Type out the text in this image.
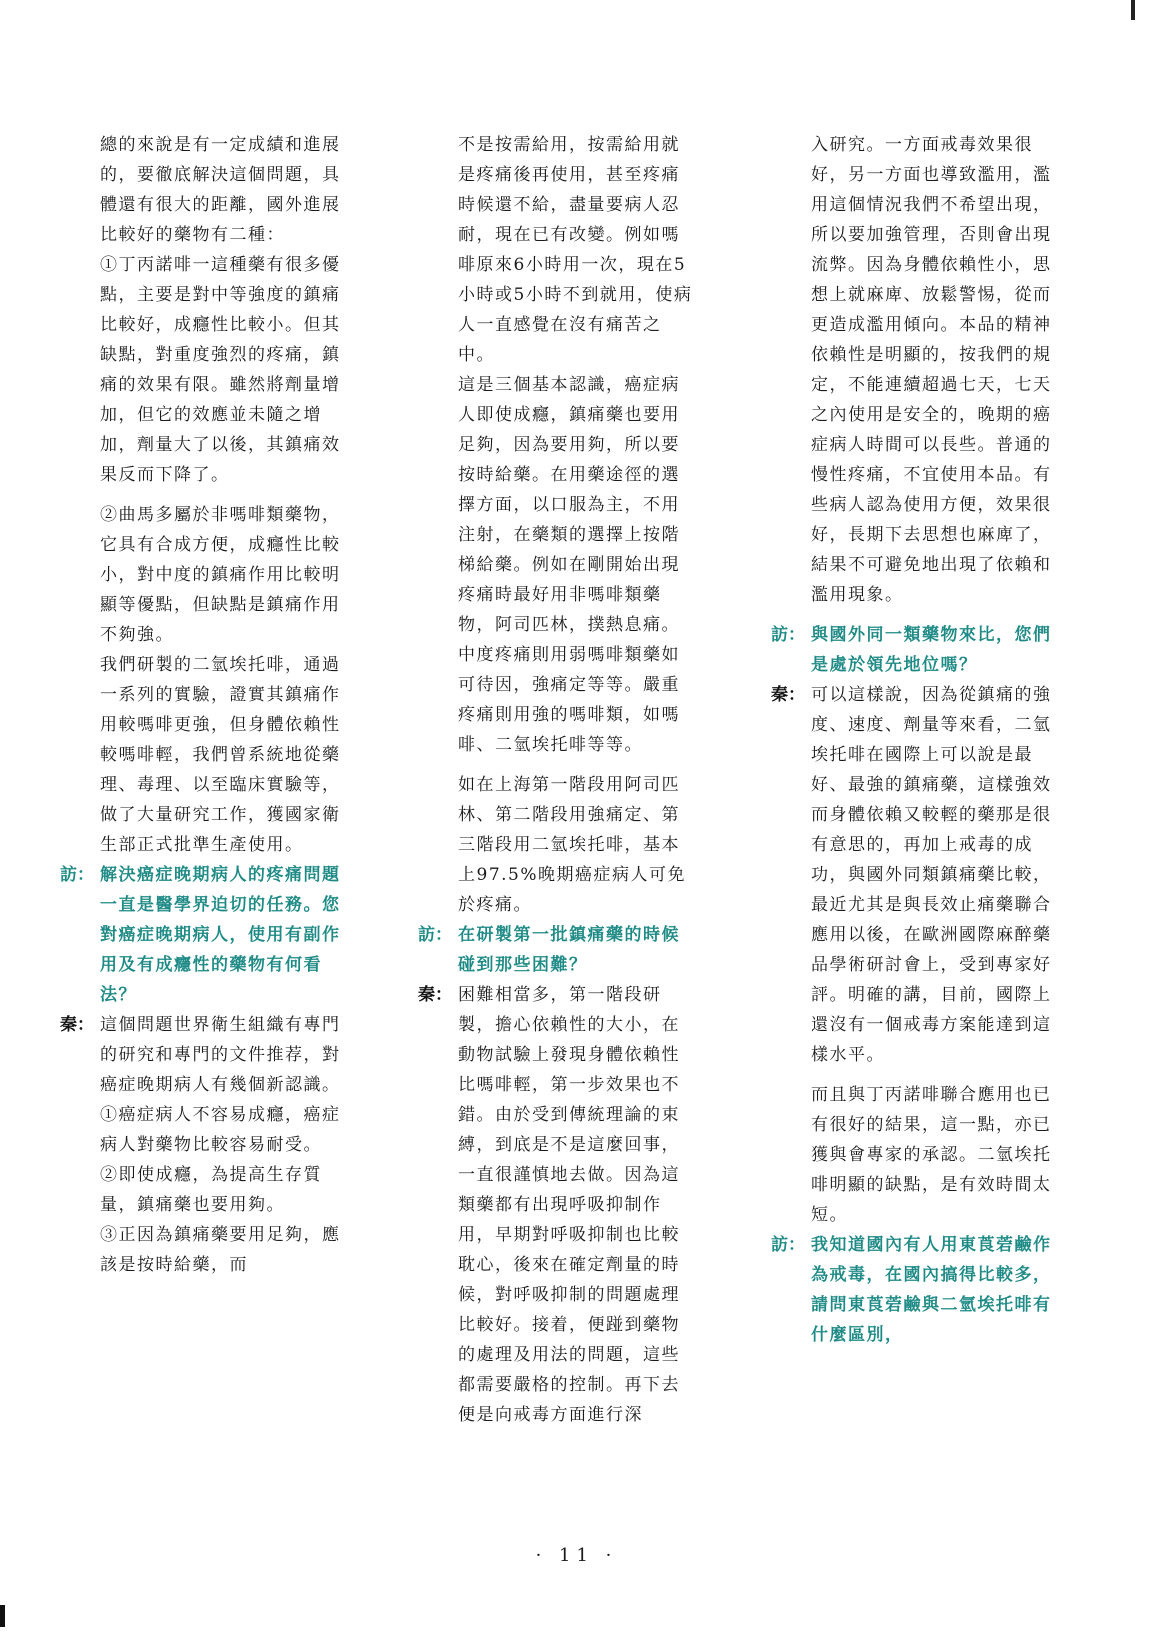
總的來說是有一定成績和進展的，要徹底解決這個問題，具體還有很大的距離，國外進展比較好的藥物有二種：

①丁丙諾啡一這種藥有很多優點，主要是對中等強度的鎮痛比較好，成癮性比較小。但其缺點，對重度強烈的疼痛，鎮痛的效果有限。雖然將劑量增加，但它的效應並未隨之增加，劑量大了以後，其鎮痛效果反而下降了。

②曲馬多屬於非嗎啡類藥物，它具有合成方便，成癮性比較小，對中度的鎮痛作用比較明顯等優點，但缺點是鎮痛作用不夠強。

我們研製的二氫埃托啡，通過一系列的實驗，證實其鎮痛作用較嗎啡更強，但身體依賴性較嗎啡輕，我們曾系統地從藥理、毒理、以至臨床實驗等，做了大量研究工作，獲國家衛生部正式批準生產使用。

訪： 解決癌症晚期病人的疼痛問題一直是醫學界迫切的任務。您對癌症晚期病人，使用有副作用及有成癮性的藥物有何看法？

秦： 這個問題世界衛生組織有專門的研究和專門的文件推荐，對癌症晚期病人有幾個新認識。

①癌症病人不容易成癮，癌症病人對藥物比較容易耐受。

②即使成癮，為提高生存質量，鎮痛藥也要用夠。

③正因為鎮痛藥要用足夠，應該是按時給藥，而

不是按需給用，按需給用就是疼痛後再使用，甚至疼痛時候還不給，盡量要病人忍耐，現在已有改變。例如嗎啡原來6小時用一次，現在5小時或5小時不到就用，使病人一直感覺在沒有痛苦之中。

這是三個基本認識，癌症病人即使成癮，鎮痛藥也要用足夠，因為要用夠，所以要按時給藥。在用藥途徑的選擇方面，以口服為主，不用注射，在藥類的選擇上按階梯給藥。例如在剛開始出現疼痛時最好用非嗎啡類藥物，阿司匹林，撲熱息痛。中度疼痛則用弱嗎啡類藥如可待因，強痛定等等。嚴重疼痛則用強的嗎啡類，如嗎啡、二氫埃托啡等等。

如在上海第一階段用阿司匹林、第二階段用強痛定、第三階段用二氫埃托啡，基本上97.5%晚期癌症病人可免於疼痛。

訪： 在研製第一批鎮痛藥的時候碰到那些困難？

秦： 困難相當多，第一階段研製，擔心依賴性的大小，在動物試驗上發現身體依賴性比嗎啡輕，第一步效果也不錯。由於受到傳統理論的束縛，到底是不是這麼回事，一直很謹慎地去做。因為這類藥都有出現呼吸抑制作用，早期對呼吸抑制也比較耽心，後來在確定劑量的時候，對呼吸抑制的問題處理比較好。接着，便踫到藥物的處理及用法的問題，這些都需要嚴格的控制。再下去便是向戒毒方面進行深

入研究。一方面戒毒效果很好，另一方面也導致濫用，濫用這個情況我們不希望出現，所以要加強管理，否則會出現流弊。因為身體依賴性小，思想上就麻庳、放鬆警惕，從而更造成濫用傾向。本品的精神依賴性是明顯的，按我們的規定，不能連續超過七天，七天之內使用是安全的，晚期的癌症病人時間可以長些。普通的慢性疼痛，不宜使用本品。有些病人認為使用方便，效果很好，長期下去思想也麻庳了，結果不可避免地出現了依賴和濫用現象。

訪： 與國外同一類藥物來比，您們是處於領先地位嗎？

秦： 可以這樣說，因為從鎮痛的強度、速度、劑量等來看，二氫埃托啡在國際上可以說是最好、最強的鎮痛藥，這樣強效而身體依賴又較輕的藥那是很有意思的，再加上戒毒的成功，與國外同類鎮痛藥比較，最近尤其是與長效止痛藥聯合應用以後，在歐洲國際麻醉藥品學術研討會上，受到專家好評。明確的講，目前，國際上還沒有一個戒毒方案能達到這樣水平。

而且與丁丙諾啡聯合應用也已有很好的結果，這一點，亦已獲與會專家的承認。二氫埃托啡明顯的缺點，是有效時間太短。

訪： 我知道國內有人用東莨菪鹼作為戒毒，在國內搞得比較多，請問東莨菪鹼與二氫埃托啡有什麼區別，

· 11 ·
